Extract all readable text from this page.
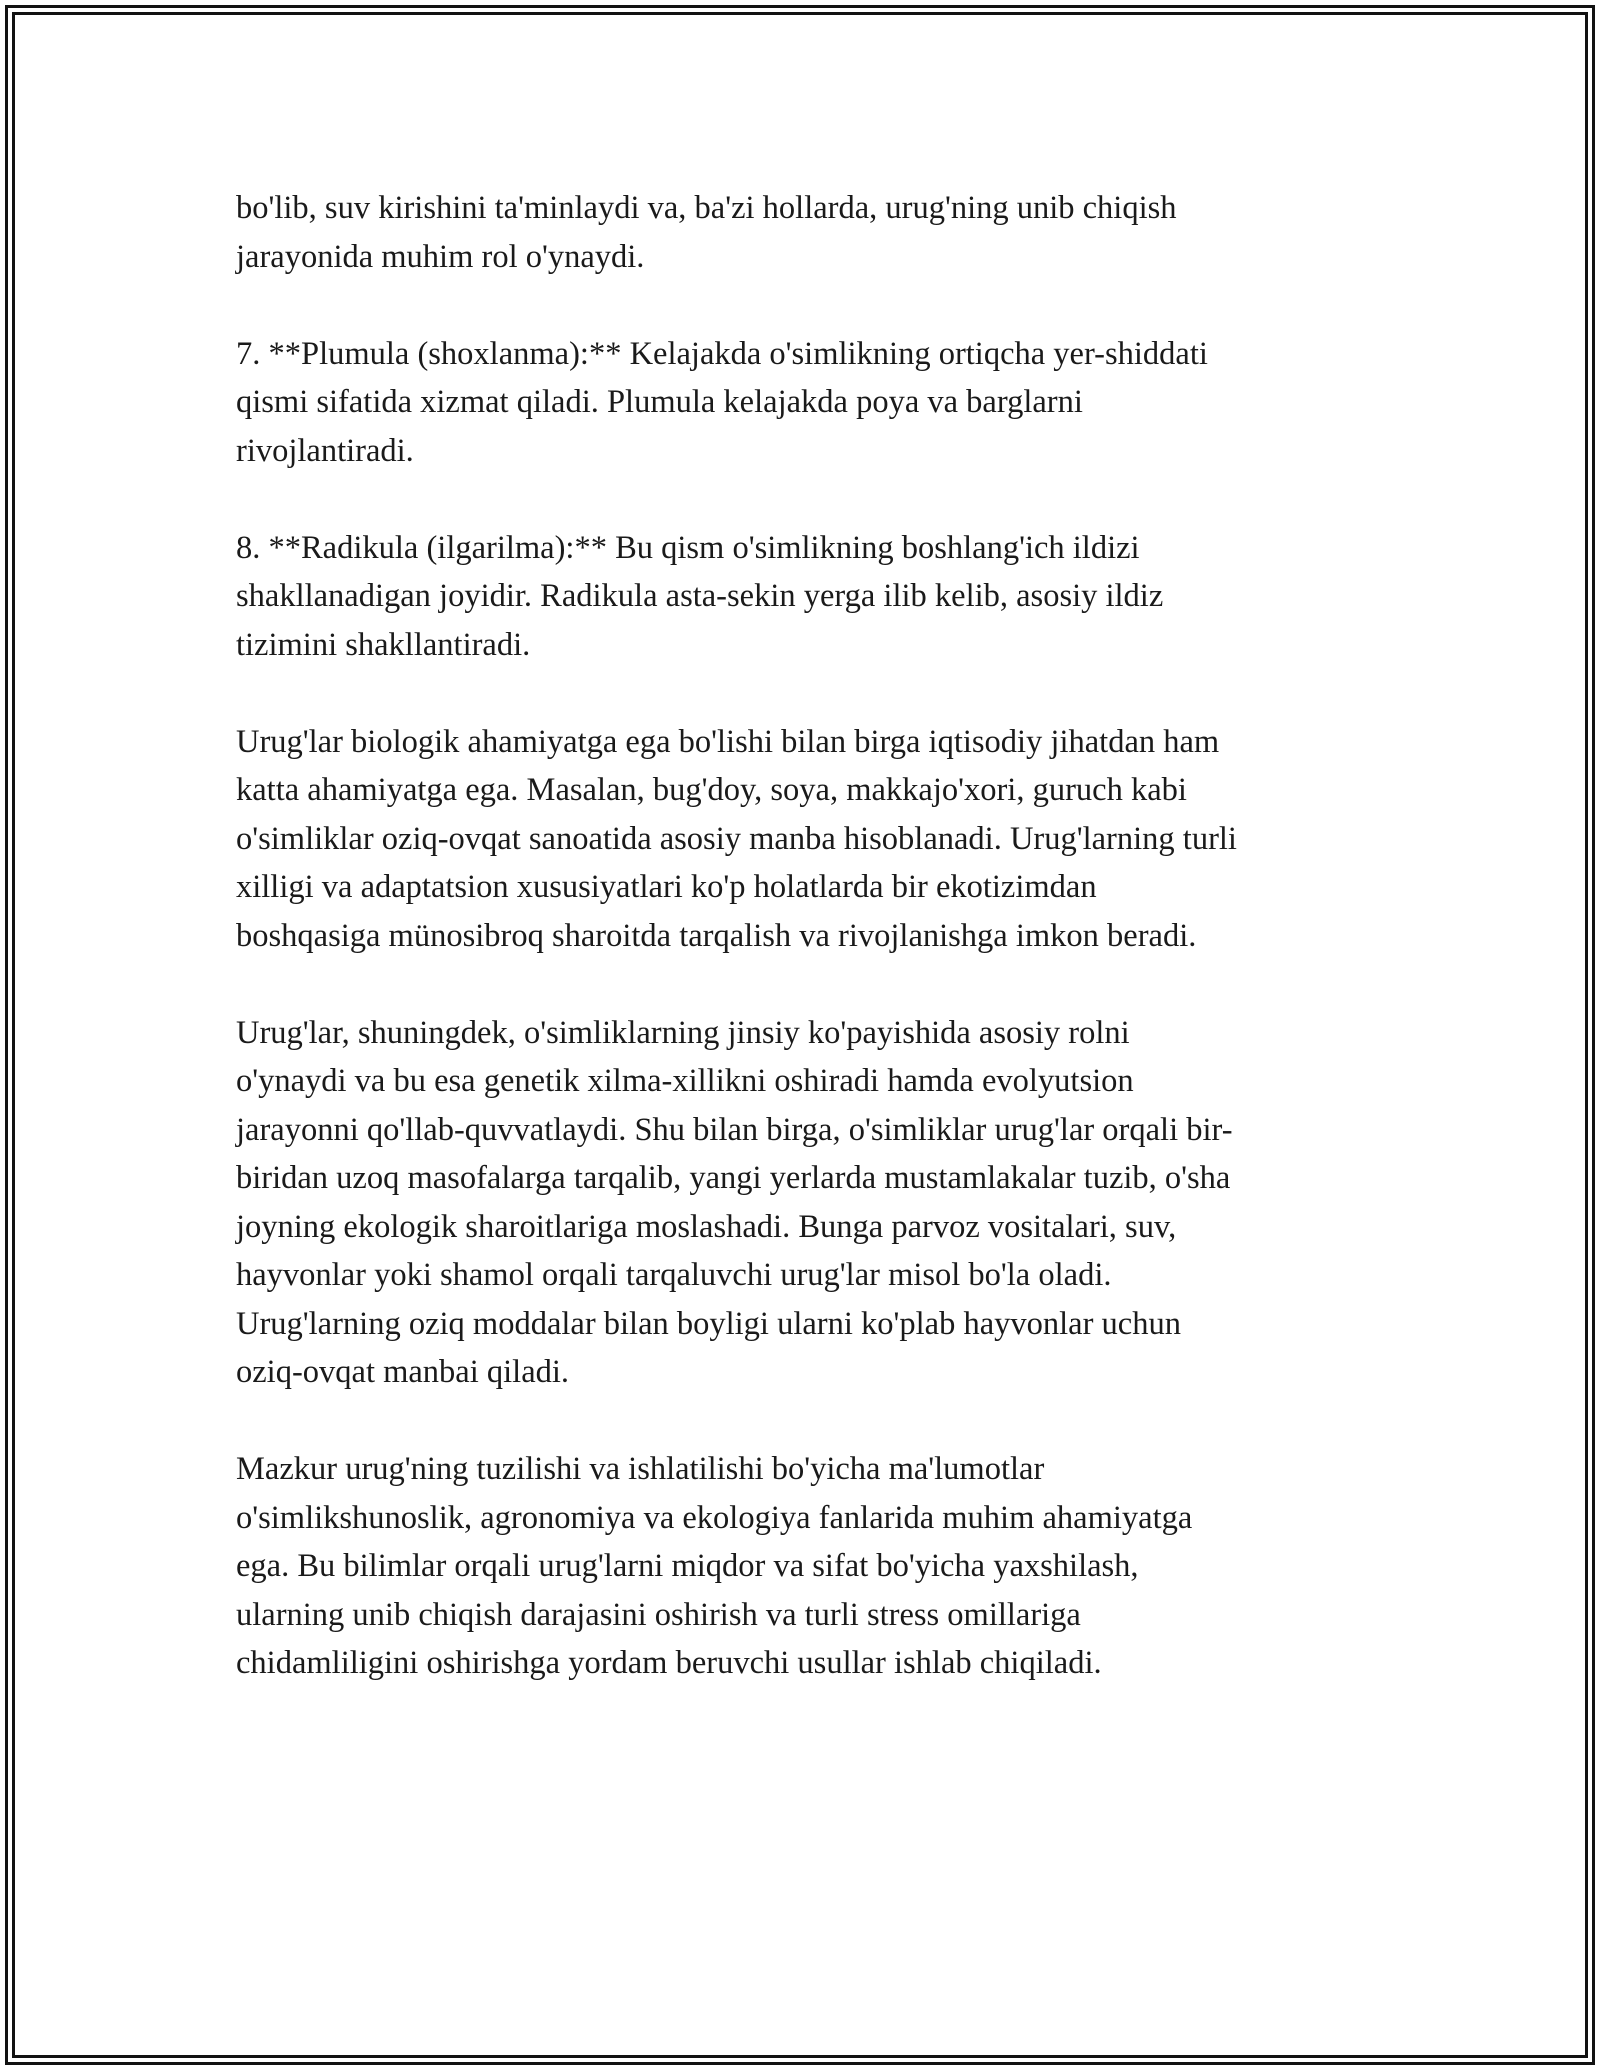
bo'lib, suv kirishini ta'minlaydi va, ba'zi hollarda, urug'ning unib chiqish
jarayonida muhim rol o'ynaydi.

7. **Plumula (shoxlanma):** Kelajakda o'simlikning ortiqcha yer-shiddati
qismi sifatida xizmat qiladi. Plumula kelajakda poya va barglarni
rivojlantiradi.

8. **Radikula (ilgarilma):** Bu qism o'simlikning boshlang'ich ildizi
shakllanadigan joyidir. Radikula asta-sekin yerga ilib kelib, asosiy ildiz
tizimini shakllantiradi.

Urug'lar biologik ahamiyatga ega bo'lishi bilan birga iqtisodiy jihatdan ham
katta ahamiyatga ega. Masalan, bug'doy, soya, makkajo'xori, guruch kabi
o'simliklar oziq-ovqat sanoatida asosiy manba hisoblanadi. Urug'larning turli
xilligi va adaptatsion xususiyatlari ko'p holatlarda bir ekotizimdan
boshqasiga münosibroq sharoitda tarqalish va rivojlanishga imkon beradi.

Urug'lar, shuningdek, o'simliklarning jinsiy ko'payishida asosiy rolni
o'ynaydi va bu esa genetik xilma-xillikni oshiradi hamda evolyutsion
jarayonni qo'llab-quvvatlaydi. Shu bilan birga, o'simliklar urug'lar orqali bir-
biridan uzoq masofalarga tarqalib, yangi yerlarda mustamlakalar tuzib, o'sha
joyning ekologik sharoitlariga moslashadi. Bunga parvoz vositalari, suv,
hayvonlar yoki shamol orqali tarqaluvchi urug'lar misol bo'la oladi.
Urug'larning oziq moddalar bilan boyligi ularni ko'plab hayvonlar uchun
oziq-ovqat manbai qiladi.

Mazkur urug'ning tuzilishi va ishlatilishi bo'yicha ma'lumotlar
o'simlikshunoslik, agronomiya va ekologiya fanlarida muhim ahamiyatga
ega. Bu bilimlar orqali urug'larni miqdor va sifat bo'yicha yaxshilash,
ularning unib chiqish darajasini oshirish va turli stress omillariga
chidamliligini oshirishga yordam beruvchi usullar ishlab chiqiladi.
